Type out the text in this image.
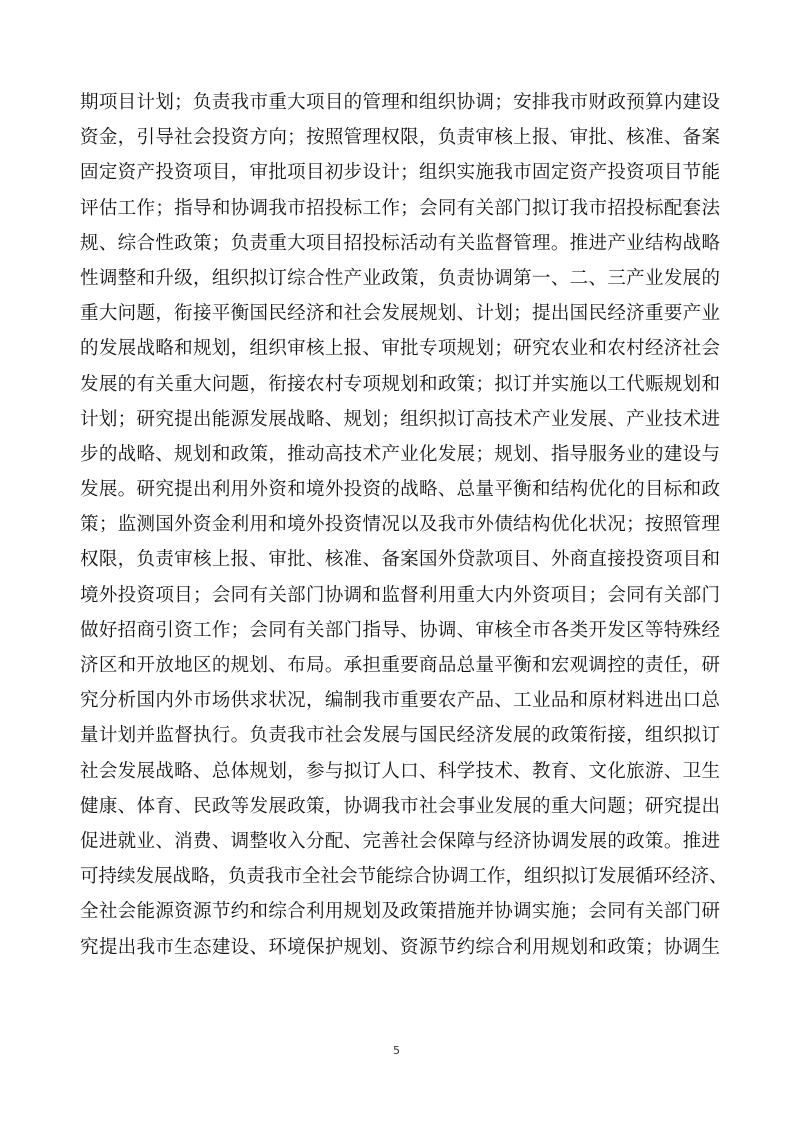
期项目计划；负责我市重大项目的管理和组织协调；安排我市财政预算内建设
资金，引导社会投资方向；按照管理权限，负责审核上报、审批、核准、备案
固定资产投资项目，审批项目初步设计；组织实施我市固定资产投资项目节能
评估工作；指导和协调我市招投标工作；会同有关部门拟订我市招投标配套法
规、综合性政策；负责重大项目招投标活动有关监督管理。推进产业结构战略
性调整和升级，组织拟订综合性产业政策，负责协调第一、二、三产业发展的
重大问题，衔接平衡国民经济和社会发展规划、计划；提出国民经济重要产业
的发展战略和规划，组织审核上报、审批专项规划；研究农业和农村经济社会
发展的有关重大问题，衔接农村专项规划和政策；拟订并实施以工代赈规划和
计划；研究提出能源发展战略、规划；组织拟订高技术产业发展、产业技术进
步的战略、规划和政策，推动高技术产业化发展；规划、指导服务业的建设与
发展。研究提出利用外资和境外投资的战略、总量平衡和结构优化的目标和政
策；监测国外资金利用和境外投资情况以及我市外债结构优化状况；按照管理
权限，负责审核上报、审批、核准、备案国外贷款项目、外商直接投资项目和
境外投资项目；会同有关部门协调和监督利用重大内外资项目；会同有关部门
做好招商引资工作；会同有关部门指导、协调、审核全市各类开发区等特殊经
济区和开放地区的规划、布局。承担重要商品总量平衡和宏观调控的责任，研
究分析国内外市场供求状况，编制我市重要农产品、工业品和原材料进出口总
量计划并监督执行。负责我市社会发展与国民经济发展的政策衔接，组织拟订
社会发展战略、总体规划，参与拟订人口、科学技术、教育、文化旅游、卫生
健康、体育、民政等发展政策，协调我市社会事业发展的重大问题；研究提出
促进就业、消费、调整收入分配、完善社会保障与经济协调发展的政策。推进
可持续发展战略，负责我市全社会节能综合协调工作，组织拟订发展循环经济、
全社会能源资源节约和综合利用规划及政策措施并协调实施；会同有关部门研
究提出我市生态建设、环境保护规划、资源节约综合利用规划和政策；协调生
5
